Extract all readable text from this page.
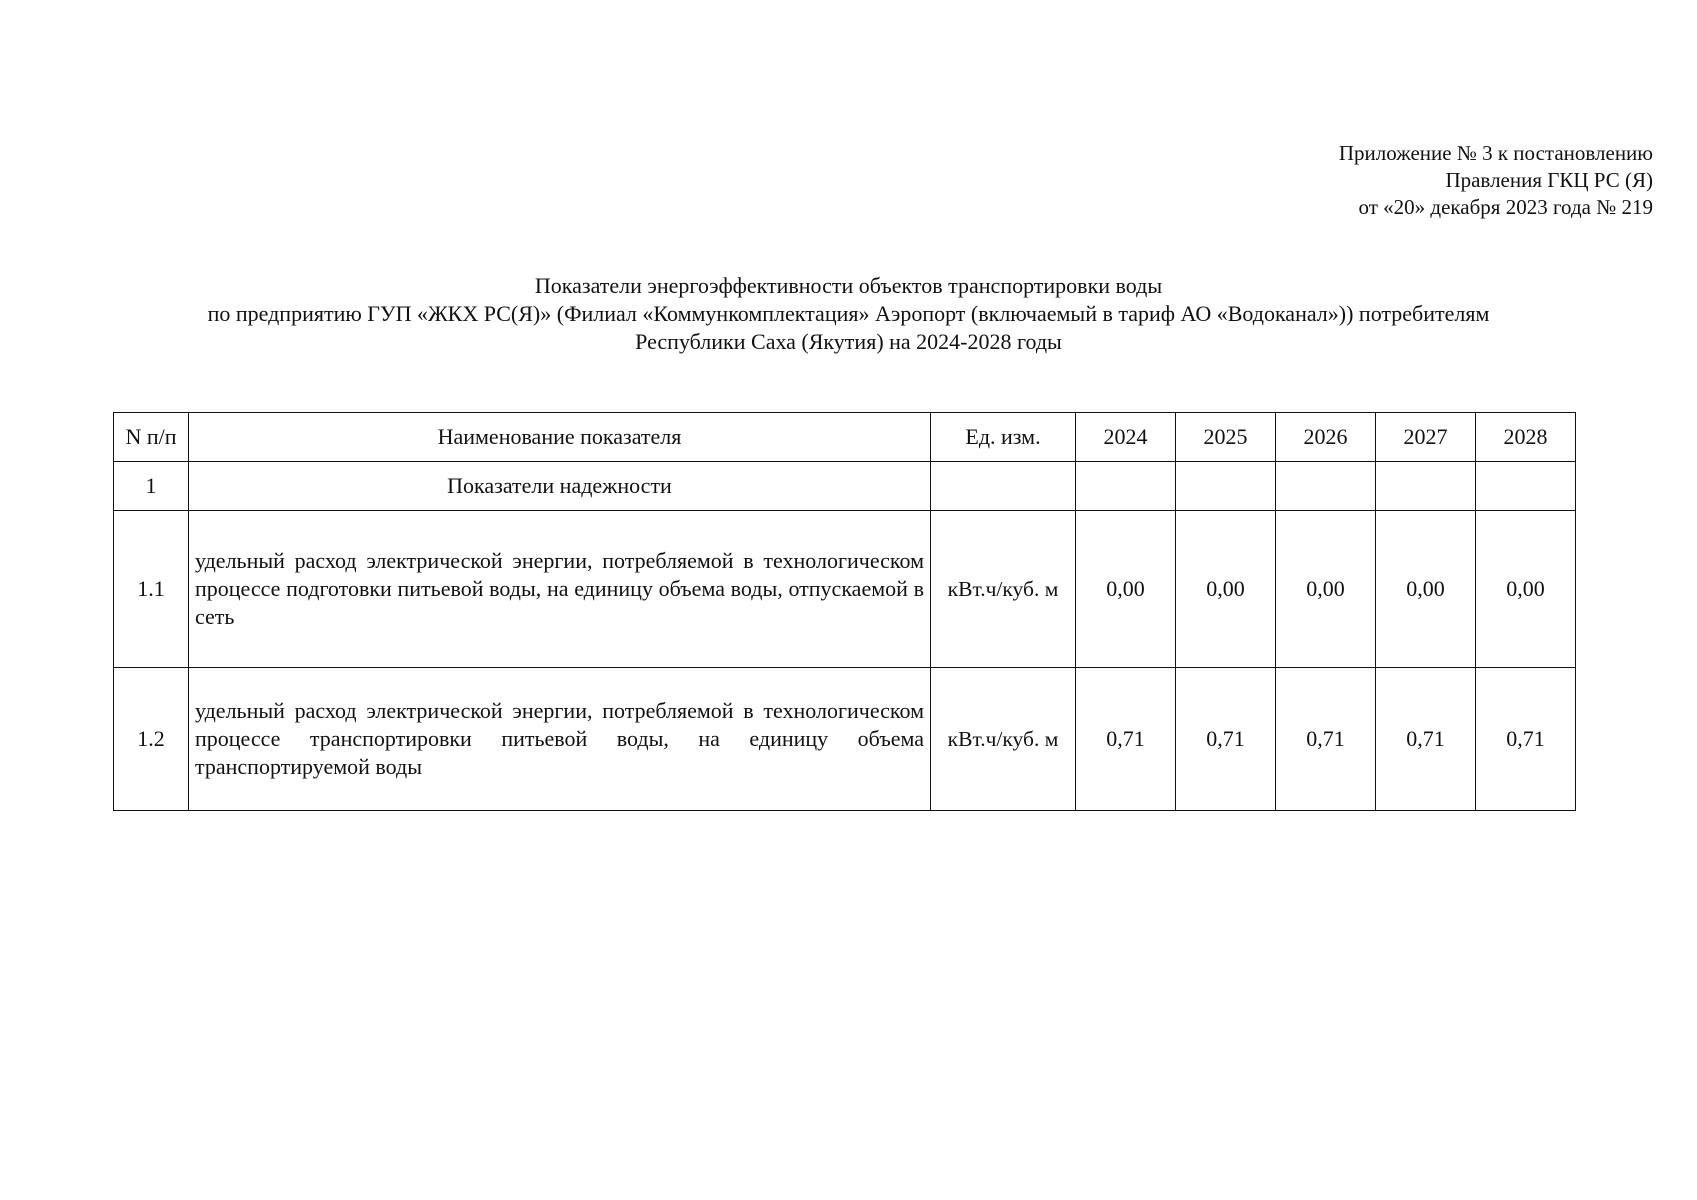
Приложение № 3 к постановлению
Правления ГКЦ РС (Я)
от «20» декабря 2023 года № 219
Показатели энергоэффективности объектов транспортировки воды
по предприятию ГУП «ЖКХ РС(Я)» (Филиал «Коммункомплектация» Аэропорт (включаемый в тариф АО «Водоканал»)) потребителям
Республики Саха (Якутия) на 2024-2028 годы
N п/п	Наименование показателя	Ед. изм.	2024	2025	2026	2027	2028
1	Показатели надежности						
1.1	удельный расход электрической энергии, потребляемой в технологическом процессе подготовки питьевой воды, на единицу объема воды, отпускаемой в сеть	кВт.ч/куб. м	0,00	0,00	0,00	0,00	0,00
1.2	удельный расход электрической энергии, потребляемой в технологическом процессе транспортировки питьевой воды, на единицу объема транспортируемой воды	кВт.ч/куб. м	0,71	0,71	0,71	0,71	0,71
